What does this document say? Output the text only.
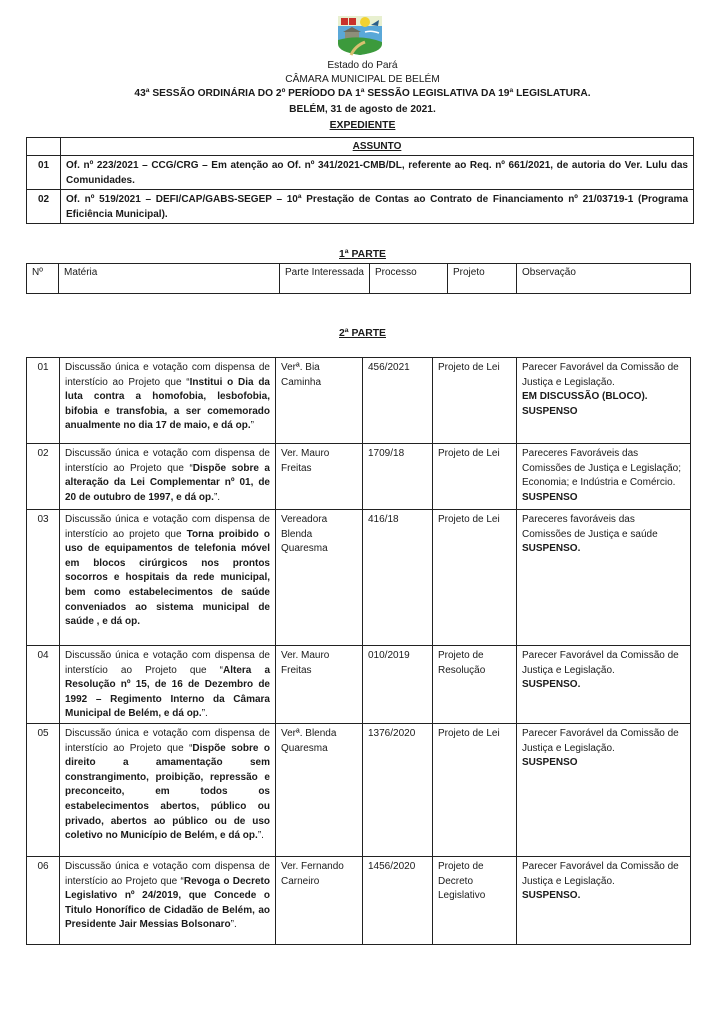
Estado do Pará
CÂMARA MUNICIPAL DE BELÉM
43ª SESSÃO ORDINÁRIA DO 2º PERÍODO DA 1ª SESSÃO LEGISLATIVA DA 19ª LEGISLATURA.
BELÉM, 31 de agosto de 2021.
EXPEDIENTE
	ASSUNTO
01	Of. nº 223/2021 – CCG/CRG – Em atenção ao Of. nº 341/2021-CMB/DL, referente ao Req. nº 661/2021, de autoria do Ver. Lulu das Comunidades.
02	Of. nº 519/2021 – DEFI/CAP/GABS-SEGEP – 10ª Prestação de Contas ao Contrato de Financiamento nº 21/03719-1 (Programa Eficiência Municipal).
1ª PARTE
Nº	Matéria	Parte Interessada	Processo	Projeto	Observação
2ª PARTE
01	Discussão única e votação com dispensa de interstício ao Projeto que “Institui o Dia da luta contra a homofobia, lesbofobia, bifobia e transfobia, a ser comemorado anualmente no dia 17 de maio, e dá op.”	Verª. Bia Caminha	456/2021	Projeto de Lei	Parecer Favorável da Comissão de Justiça e Legislação.
EM DISCUSSÃO (BLOCO). SUSPENSO
02	Discussão única e votação com dispensa de interstício ao Projeto que “Dispõe sobre a alteração da Lei Complementar nº 01, de 20 de outubro de 1997, e dá op.”.	Ver. Mauro Freitas	1709/18	Projeto de Lei	Pareceres Favoráveis das Comissões de Justiça e Legislação; Economia; e Indústria e Comércio.
SUSPENSO
03	Discussão única e votação com dispensa de interstício ao projeto que Torna proibido o uso de equipamentos de telefonia móvel em blocos cirúrgicos nos prontos socorros e hospitais da rede municipal, bem como estabelecimentos de saúde conveniados ao sistema municipal de saúde , e dá op.	Vereadora Blenda Quaresma	416/18	Projeto de Lei	Pareceres favoráveis das Comissões de Justiça e saúde
SUSPENSO.
04	Discussão única e votação com dispensa de interstício ao Projeto que “Altera a Resolução nº 15, de 16 de Dezembro de 1992 – Regimento Interno da Câmara Municipal de Belém, e dá op.”.	Ver. Mauro Freitas	010/2019	Projeto de Resolução	Parecer Favorável da Comissão de Justiça e Legislação.
SUSPENSO.
05	Discussão única e votação com dispensa de interstício ao Projeto que “Dispõe sobre o direito a amamentação sem constrangimento, proibição, repressão e preconceito, em todos os estabelecimentos abertos, público ou privado, abertos ao público ou de uso coletivo no Município de Belém, e dá op.”.	Verª. Blenda Quaresma	1376/2020	Projeto de Lei	Parecer Favorável da Comissão de Justiça e Legislação.
SUSPENSO
06	Discussão única e votação com dispensa de interstício ao Projeto que “Revoga o Decreto Legislativo nº 24/2019, que Concede o Titulo Honorífico de Cidadão de Belém, ao Presidente Jair Messias Bolsonaro”.	Ver. Fernando Carneiro	1456/2020	Projeto de Decreto Legislativo	Parecer Favorável da Comissão de Justiça e Legislação.
SUSPENSO.
